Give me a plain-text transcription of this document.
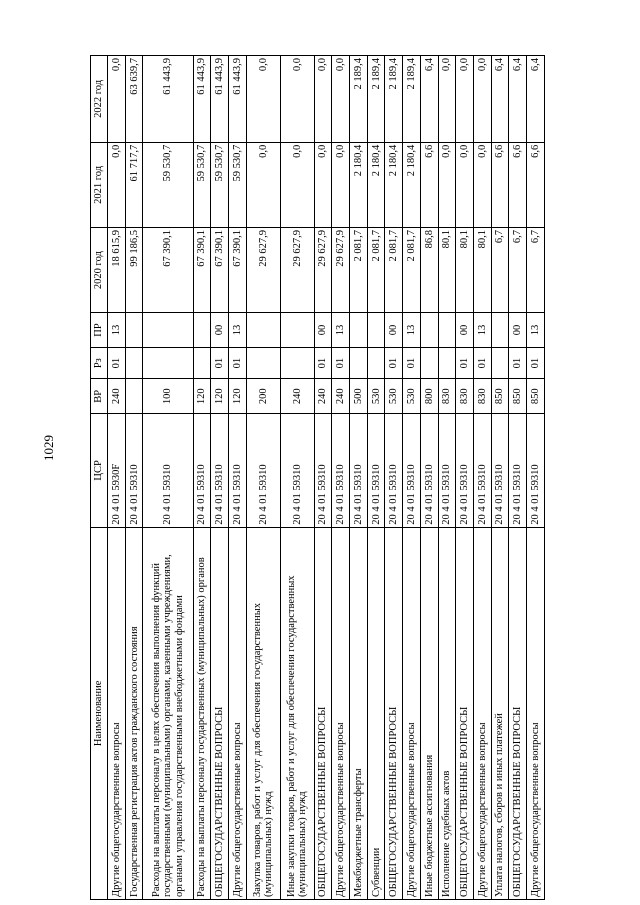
1029
Наименование	ЦСР	ВР	Рз	ПР	2020 год	2021 год	2022 год
Другие общегосударственные вопросы	20 4 01 5930F	240	01	13	18 615,9	0,0	0,0
Государственная регистрация актов гражданского состояния	20 4 01 59310				99 186,5	61 717,7	63 639,7
Расходы на выплаты персоналу в целях обеспечения выполнения функций государственными (муниципальными) органами, казенными учреждениями, органами управления государственными внебюджетными фондами	20 4 01 59310	100			67 390,1	59 530,7	61 443,9
Расходы на выплаты персоналу государственных (муниципальных) органов	20 4 01 59310	120			67 390,1	59 530,7	61 443,9
ОБЩЕГОСУДАРСТВЕННЫЕ ВОПРОСЫ	20 4 01 59310	120	01	00	67 390,1	59 530,7	61 443,9
Другие общегосударственные вопросы	20 4 01 59310	120	01	13	67 390,1	59 530,7	61 443,9
Закупка товаров, работ и услуг для обеспечения государственных (муниципальных) нужд	20 4 01 59310	200			29 627,9	0,0	0,0
Иные закупки товаров, работ и услуг для обеспечения государственных (муниципальных) нужд	20 4 01 59310	240			29 627,9	0,0	0,0
ОБЩЕГОСУДАРСТВЕННЫЕ ВОПРОСЫ	20 4 01 59310	240	01	00	29 627,9	0,0	0,0
Другие общегосударственные вопросы	20 4 01 59310	240	01	13	29 627,9	0,0	0,0
Межбюджетные трансферты	20 4 01 59310	500			2 081,7	2 180,4	2 189,4
Субвенции	20 4 01 59310	530			2 081,7	2 180,4	2 189,4
ОБЩЕГОСУДАРСТВЕННЫЕ ВОПРОСЫ	20 4 01 59310	530	01	00	2 081,7	2 180,4	2 189,4
Другие общегосударственные вопросы	20 4 01 59310	530	01	13	2 081,7	2 180,4	2 189,4
Иные бюджетные ассигнования	20 4 01 59310	800			86,8	6,6	6,4
Исполнение судебных актов	20 4 01 59310	830			80,1	0,0	0,0
ОБЩЕГОСУДАРСТВЕННЫЕ ВОПРОСЫ	20 4 01 59310	830	01	00	80,1	0,0	0,0
Другие общегосударственные вопросы	20 4 01 59310	830	01	13	80,1	0,0	0,0
Уплата налогов, сборов и иных платежей	20 4 01 59310	850			6,7	6,6	6,4
ОБЩЕГОСУДАРСТВЕННЫЕ ВОПРОСЫ	20 4 01 59310	850	01	00	6,7	6,6	6,4
Другие общегосударственные вопросы	20 4 01 59310	850	01	13	6,7	6,6	6,4
